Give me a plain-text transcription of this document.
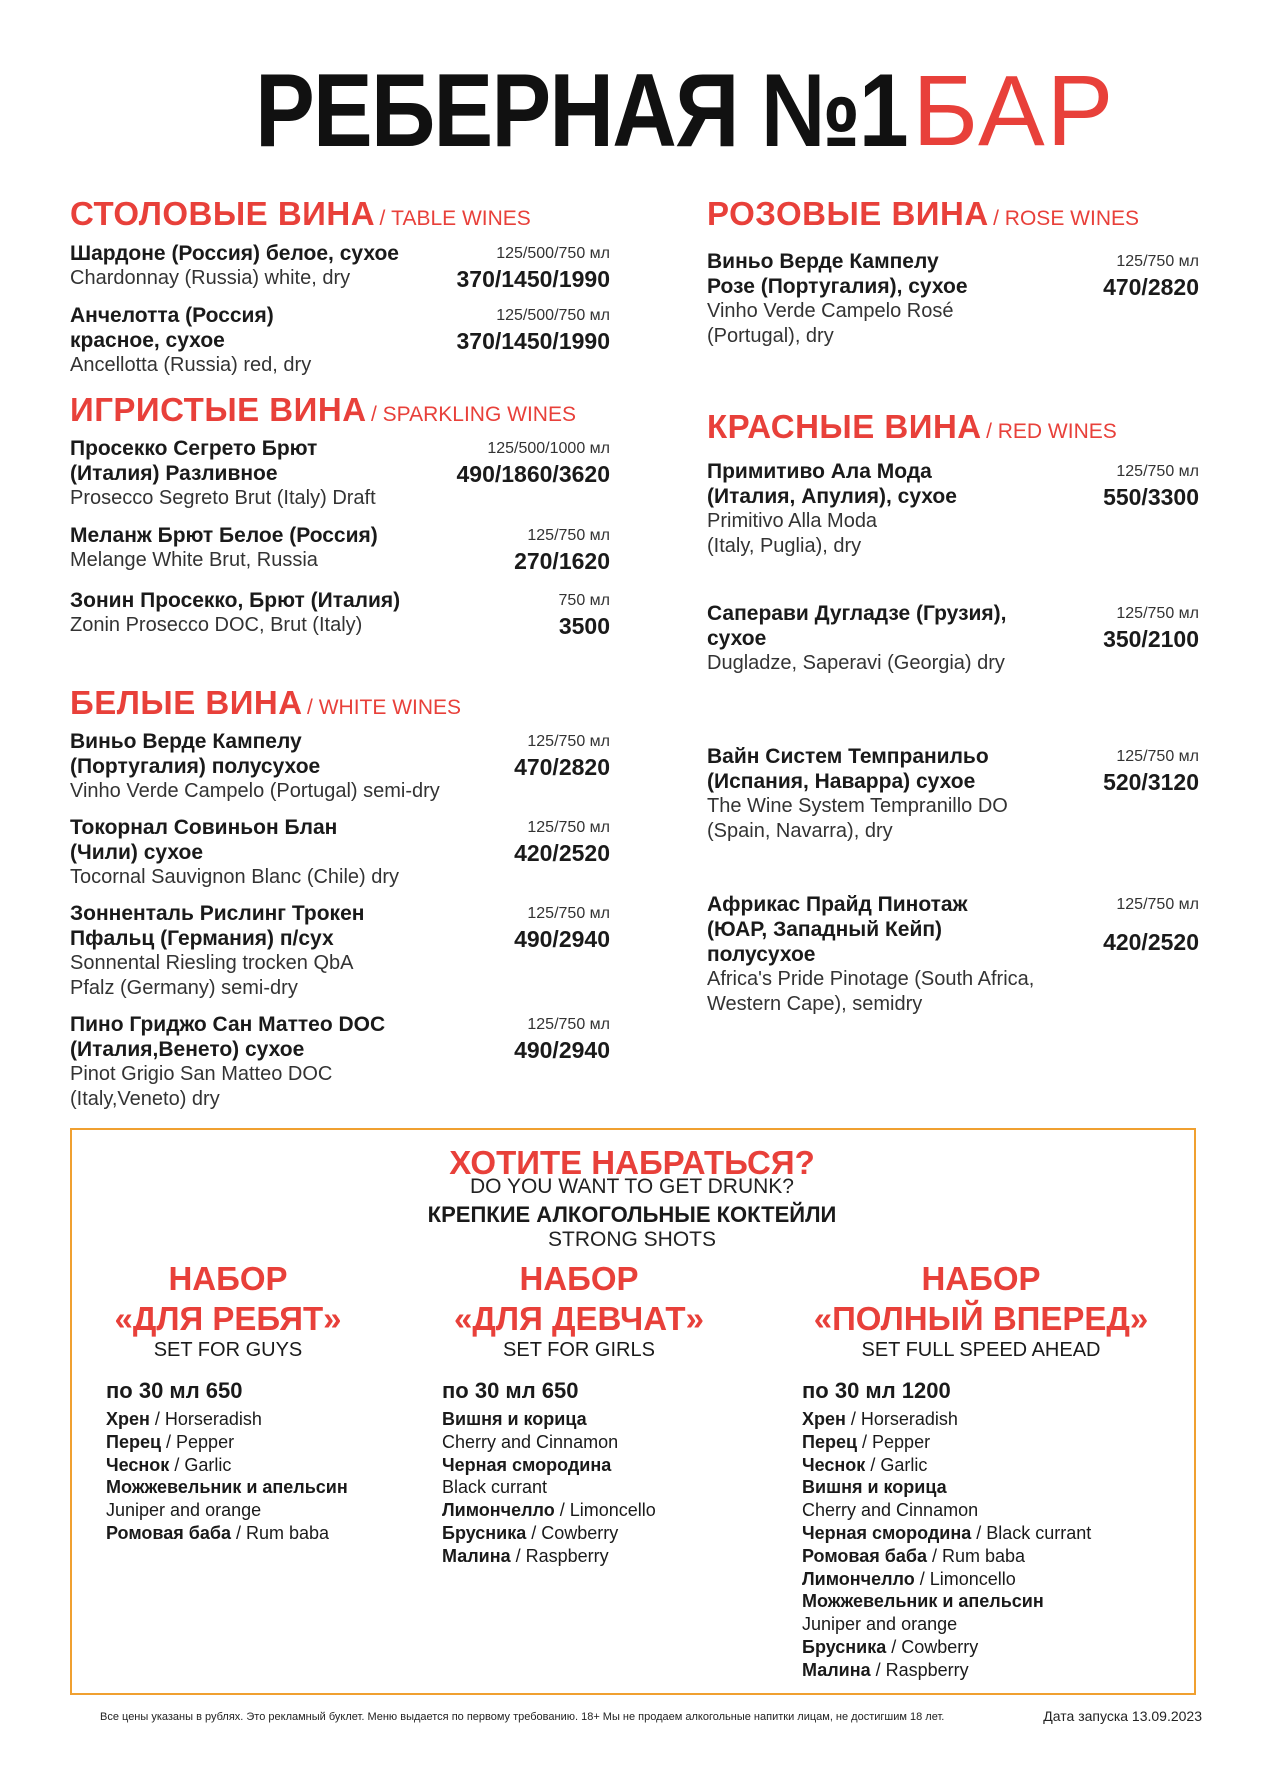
РЕБЕРНАЯ №1БАР
СТОЛОВЫЕ ВИНА / TABLE WINES
Шардоне (Россия) белое, сухое
Chardonnay (Russia) white, dry
125/500/750 мл
370/1450/1990
Анчелотта (Россия)
красное, сухое
Ancellotta (Russia) red, dry
125/500/750 мл
370/1450/1990
ИГРИСТЫЕ ВИНА / SPARKLING WINES
Просекко Сегрето Брют
(Италия) Разливное
Prosecco Segreto Brut (Italy) Draft
125/500/1000 мл
490/1860/3620
Меланж Брют Белое (Россия)
Melange White Brut, Russia
125/750 мл
270/1620
Зонин Просекко, Брют (Италия)
Zonin Prosecco DOC, Brut (Italy)
750 мл
3500
БЕЛЫЕ ВИНА / WHITE WINES
Виньо Верде Кампелу
(Португалия) полусухое
Vinho Verde Campelo (Portugal) semi-dry
125/750 мл
470/2820
Токорнал Совиньон Блан
(Чили) сухое
Tocornal Sauvignon Blanc (Chile) dry
125/750 мл
420/2520
Зонненталь Рислинг Трокен
Пфальц (Германия) п/сух
Sonnental Riesling trocken QbA
Pfalz (Germany) semi-dry
125/750 мл
490/2940
Пино Гриджо Сан Маттео DOC
(Италия,Венето) сухое
Pinot Grigio San Matteo DOC
(Italy,Veneto) dry
125/750 мл
490/2940
РОЗОВЫЕ ВИНА / ROSE WINES
Виньо Верде Кампелу
Розе (Португалия), сухое
Vinho Verde Campelo Rosé
(Portugal), dry
125/750 мл
470/2820
КРАСНЫЕ ВИНА / RED WINES
Примитиво Ала Мода
(Италия, Апулия), сухое
Primitivo Alla Moda
(Italy, Puglia), dry
125/750 мл
550/3300
Саперави Дугладзе (Грузия),
сухое
Dugladze, Saperavi (Georgia) dry
125/750 мл
350/2100
Вайн Систем Темпранильо
(Испания, Наварра) сухое
The Wine System Tempranillo DO
(Spain, Navarra), dry
125/750 мл
520/3120
Африкас Прайд Пинотаж
(ЮАР, Западный Кейп)
полусухое
Africa's Pride Pinotage (South Africa,
Western Cape), semidry
125/750 мл
420/2520
ХОТИТЕ НАБРАТЬСЯ?
DO YOU WANT TO GET DRUNK?
КРЕПКИЕ АЛКОГОЛЬНЫЕ КОКТЕЙЛИ
STRONG SHOTS
НАБОР
«ДЛЯ РЕБЯТ»
SET FOR GUYS
по 30 мл 650
Хрен / Horseradish
Перец / Pepper
Чеснок / Garlic
Можжевельник и апельсин
Juniper and orange
Ромовая баба / Rum baba
НАБОР
«ДЛЯ ДЕВЧАТ»
SET FOR GIRLS
по 30 мл 650
Вишня и корица
Cherry and Cinnamon
Черная смородина
Black currant
Лимончелло / Limoncello
Брусника / Cowberry
Малина / Raspberry
НАБОР
«ПОЛНЫЙ ВПЕРЕД»
SET FULL SPEED AHEAD
по 30 мл 1200
Хрен / Horseradish
Перец / Pepper
Чеснок / Garlic
Вишня и корица
Cherry and Cinnamon
Черная смородина / Black currant
Ромовая баба / Rum baba
Лимончелло / Limoncello
Можжевельник и апельсин
Juniper and orange
Брусника / Cowberry
Малина / Raspberry
Все цены указаны в рублях. Это рекламный буклет. Меню выдается по первому требованию. 18+ Мы не продаем алкогольные напитки лицам, не достигшим 18 лет.	Дата запуска 13.09.2023
